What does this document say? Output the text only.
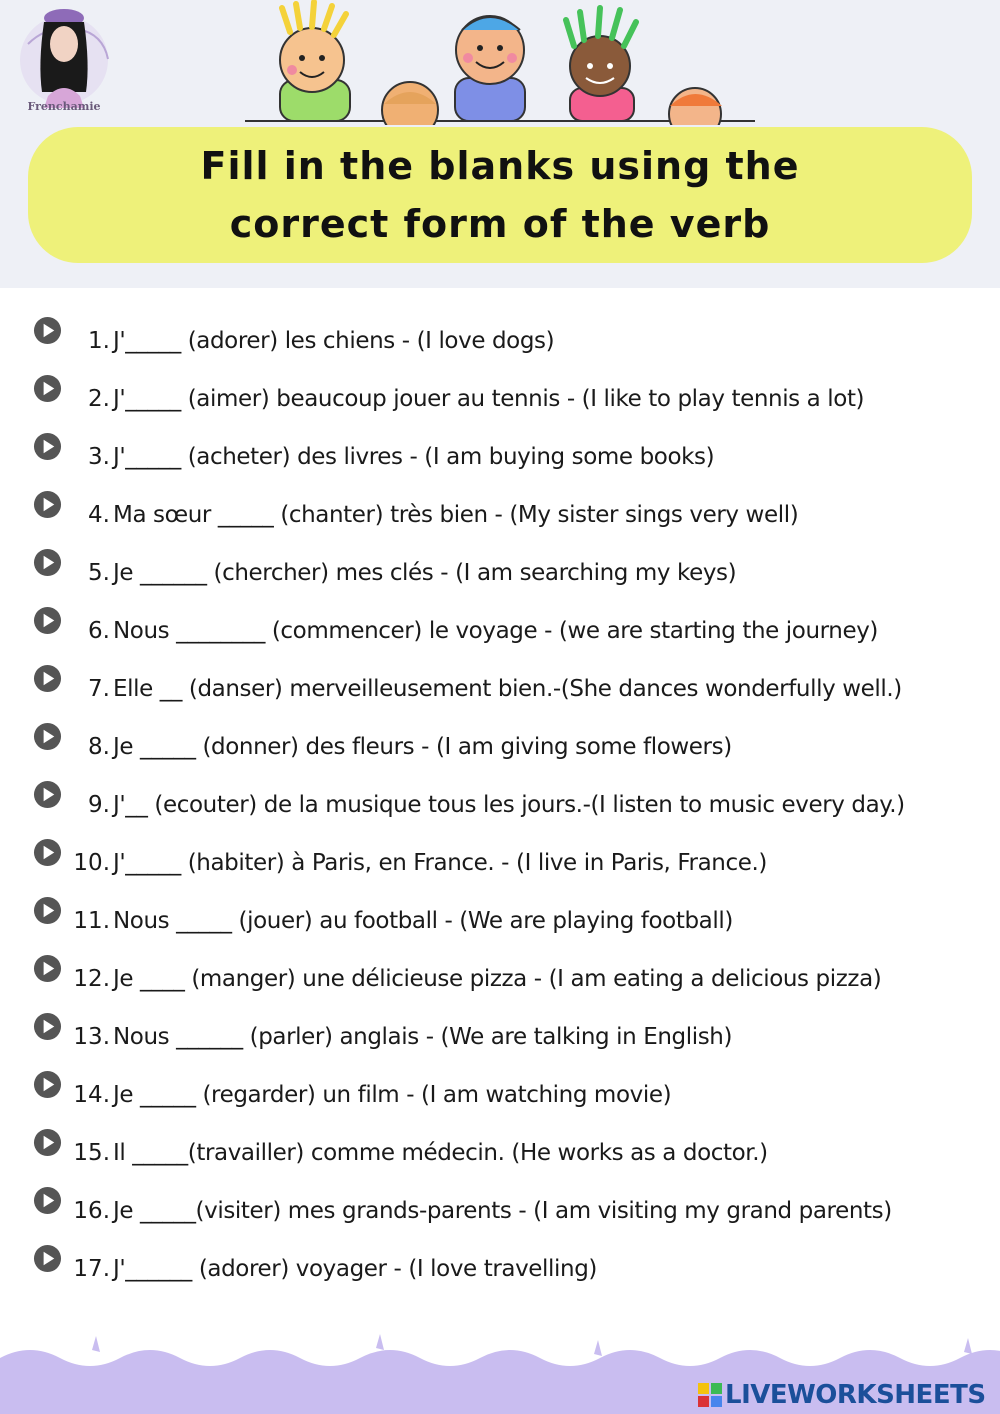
Frenchamie
Fill in the blanks using the
correct form of the verb
1. J'_____ (adorer) les chiens - (I love dogs)
2. J'_____ (aimer) beaucoup jouer au tennis - (I like to play tennis a lot)
3. J'_____ (acheter) des livres - (I am buying some books)
4. Ma sœur _____ (chanter) très bien - (My sister sings very well)
5. Je ______ (chercher) mes clés - (I am searching my keys)
6. Nous ________ (commencer) le voyage - (we are starting the journey)
7. Elle __ (danser) merveilleusement bien.-(She dances wonderfully well.)
8. Je _____ (donner) des fleurs - (I am giving some flowers)
9. J'__ (ecouter) de la musique tous les jours.-(I listen to music every day.)
10. J'_____ (habiter) à Paris, en France. - (I live in Paris, France.)
11. Nous _____ (jouer) au football - (We are playing football)
12. Je ____ (manger) une délicieuse pizza - (I am eating a delicious pizza)
13. Nous ______ (parler) anglais - (We are talking in English)
14. Je _____ (regarder) un film - (I am watching movie)
15. Il _____(travailler) comme médecin. (He works as a doctor.)
16. Je _____(visiter) mes grands-parents - (I am visiting my grand parents)
17. J'______ (adorer) voyager - (I love travelling)
LIVEWORKSHEETS
